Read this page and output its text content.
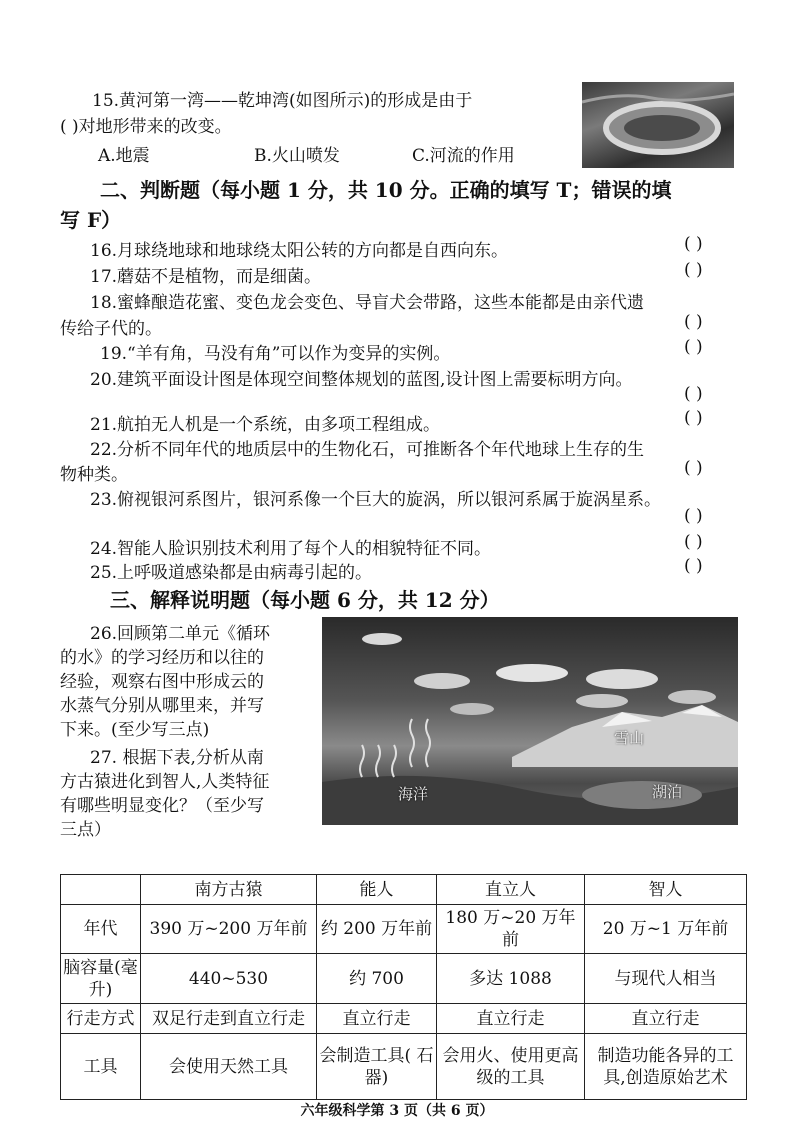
15.黄河第一湾——乾坤湾(如图所示)的形成是由于
( )对地形带来的改变。
A.地震	B.火山喷发	C.河流的作用
二、判断题（每小题 1 分，共 10 分。正确的填写 T；错误的填
写 F）
16.月球绕地球和地球绕太阳公转的方向都是自西向东。	( )
17.蘑菇不是植物，而是细菌。	( )
18.蜜蜂酿造花蜜、变色龙会变色、导盲犬会带路，这些本能都是由亲代遗
传给子代的。	( )
19.“羊有角，马没有角”可以作为变异的实例。	( )
20.建筑平面设计图是体现空间整体规划的蓝图,设计图上需要标明方向。
( )
21.航拍无人机是一个系统，由多项工程组成。	( )
22.分析不同年代的地质层中的生物化石，可推断各个年代地球上生存的生
物种类。	( )
23.俯视银河系图片，银河系像一个巨大的旋涡，所以银河系属于旋涡星系。
( )
24.智能人脸识别技术利用了每个人的相貌特征不同。	( )
25.上呼吸道感染都是由病毒引起的。	( )
三、解释说明题（每小题 6 分，共 12 分）
26.回顾第二单元《循环
的水》的学习经历和以往的
经验，观察右图中形成云的
水蒸气分别从哪里来，并写
下来。(至少写三点)
27. 根据下表,分析从南
方古猿进化到智人,人类特征
有哪些明显变化？（至少写
三点）
雪山
海洋	湖泊
	南方古猿	能人	直立人	智人
年代	390 万~200 万年前	约 200 万年前	180 万~20 万年前	20 万~1 万年前
脑容量(毫升)	440~530	约 700	多达 1088	与现代人相当
行走方式	双足行走到直立行走	直立行走	直立行走	直立行走
工具	会使用天然工具	会制造工具( 石器)	会用火、使用更高级的工具	制造功能各异的工具,创造原始艺术
六年级科学第 3 页（共 6 页）
